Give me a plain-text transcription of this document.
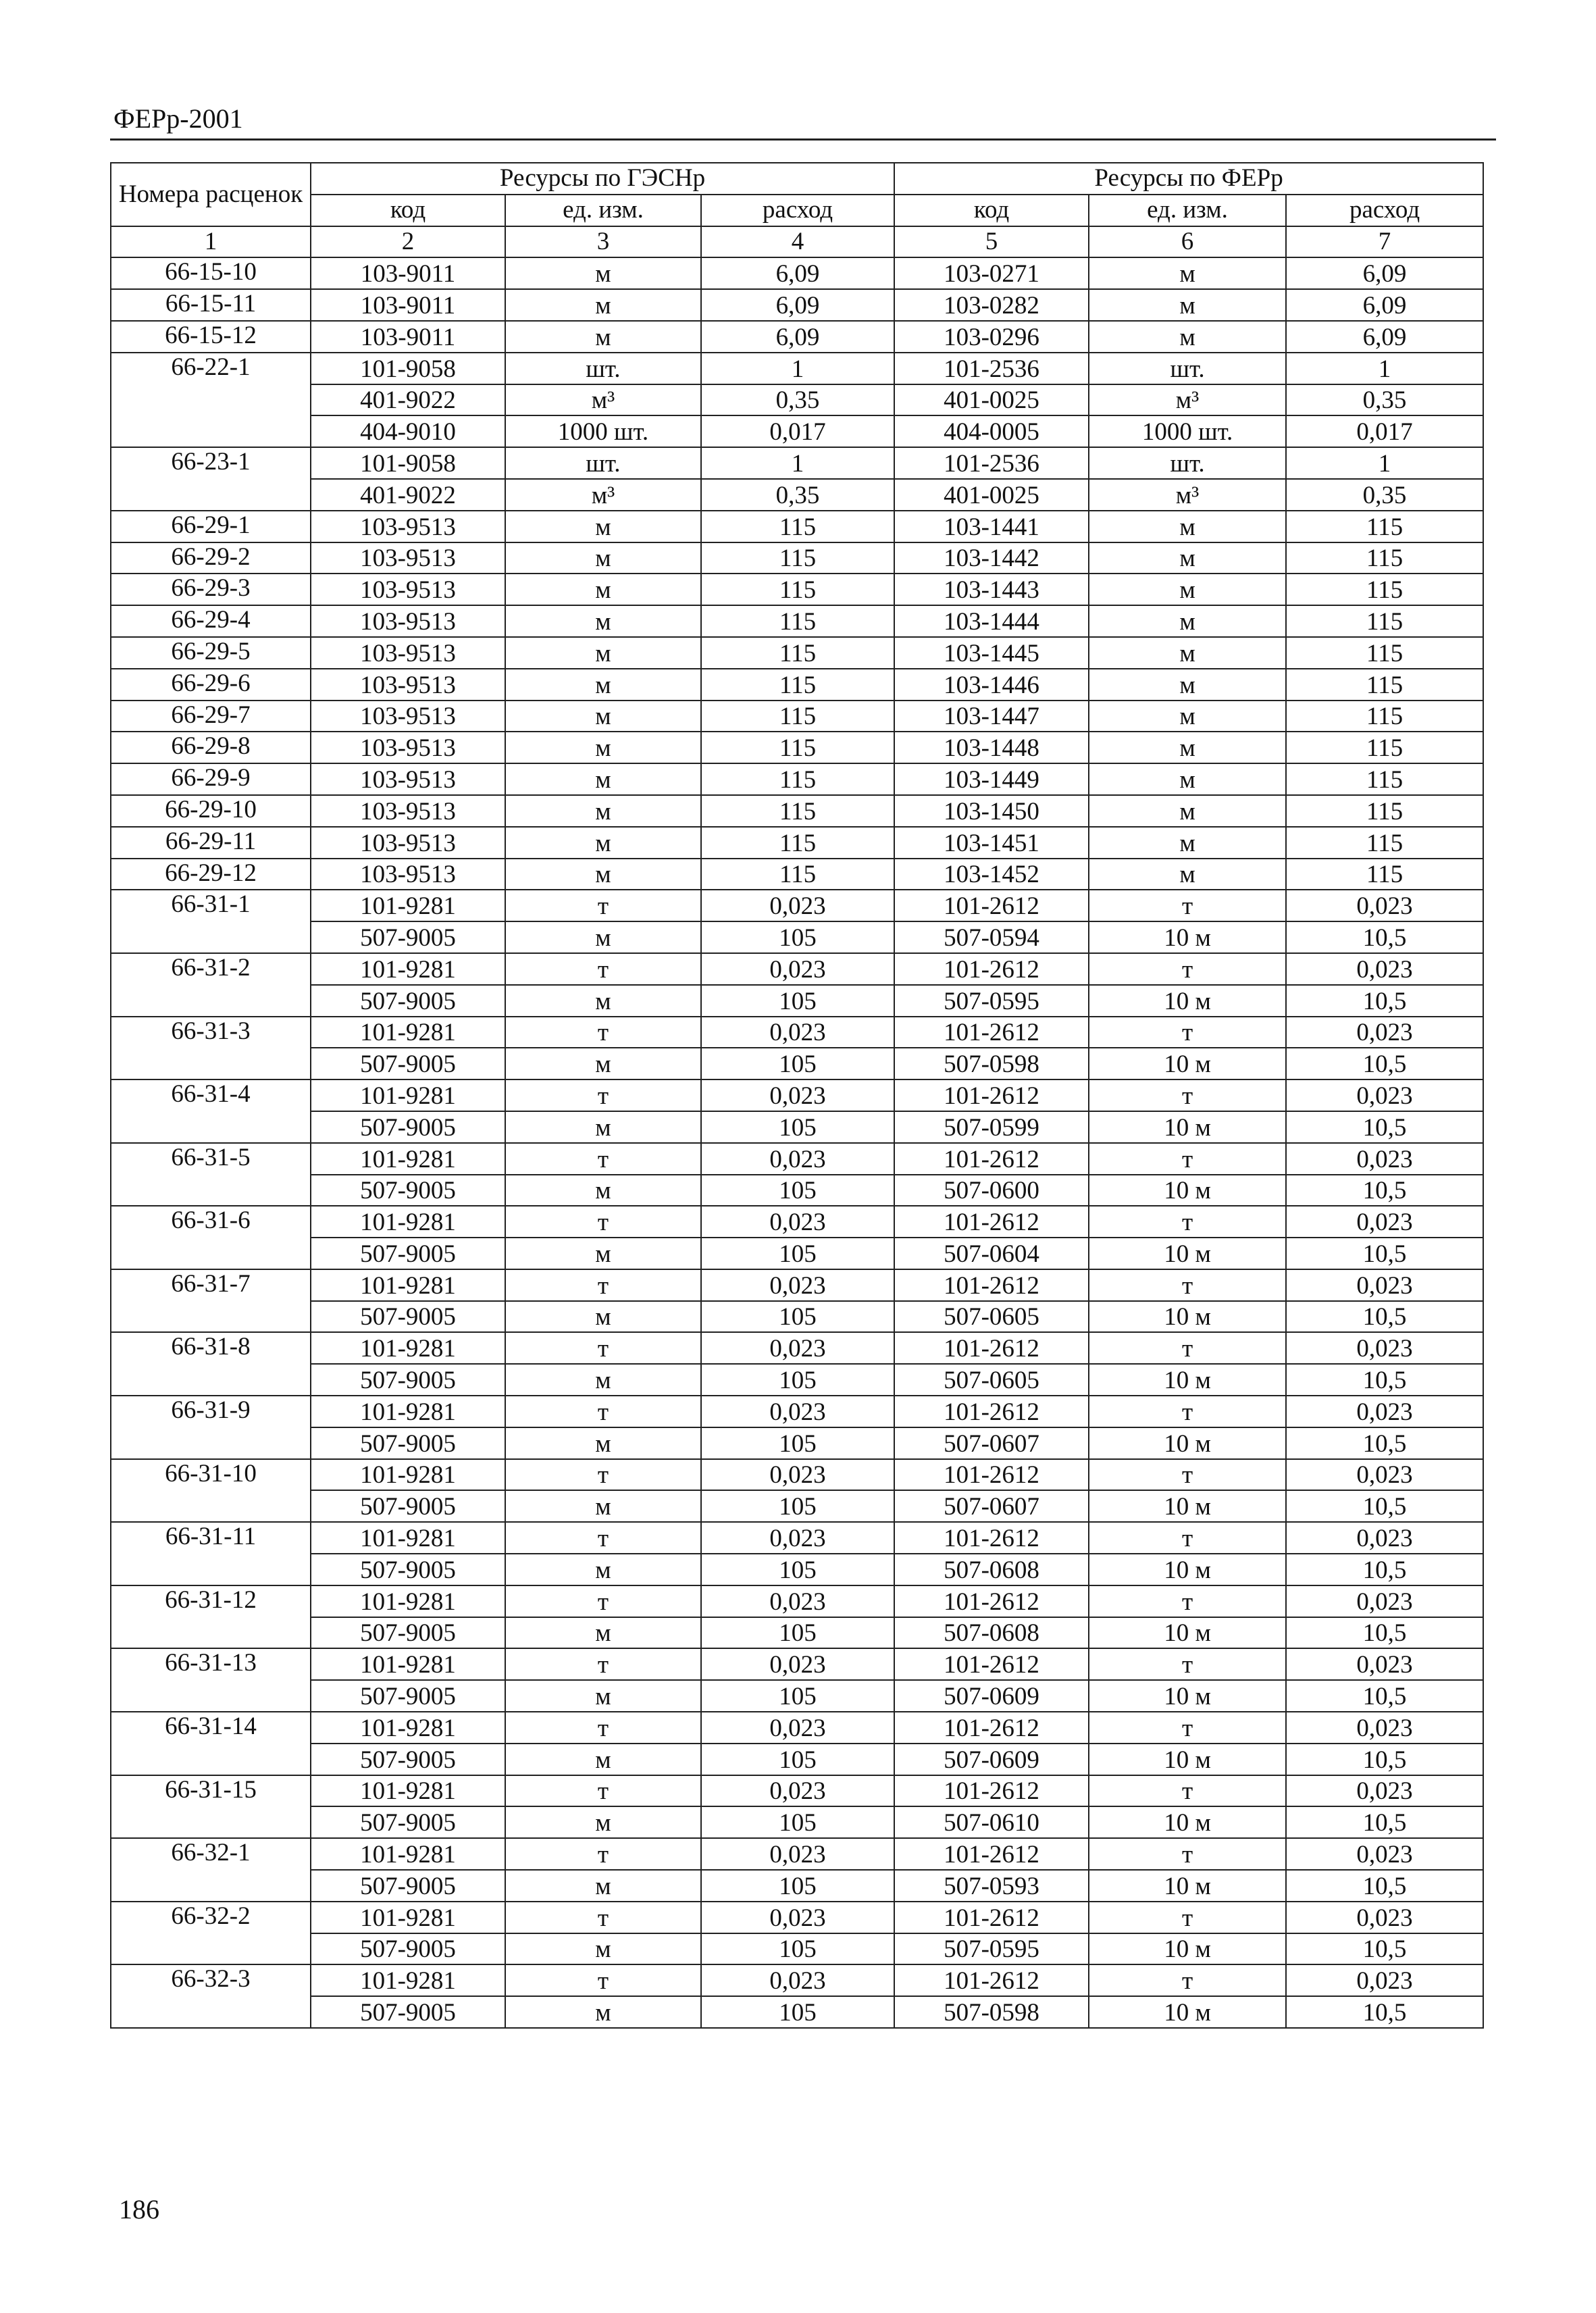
ФЕРр-2001
Номера расценок	Ресурсы по ГЭСНр			Ресурсы по ФЕРр		
	код	ед. изм.	расход	код	ед. изм.	расход
1	2	3	4	5	6	7
66-15-10	103-9011	м	6,09	103-0271	м	6,09
66-15-11	103-9011	м	6,09	103-0282	м	6,09
66-15-12	103-9011	м	6,09	103-0296	м	6,09
66-22-1	101-9058	шт.	1	101-2536	шт.	1
	401-9022	м³	0,35	401-0025	м³	0,35
	404-9010	1000 шт.	0,017	404-0005	1000 шт.	0,017
66-23-1	101-9058	шт.	1	101-2536	шт.	1
	401-9022	м³	0,35	401-0025	м³	0,35
66-29-1	103-9513	м	115	103-1441	м	115
66-29-2	103-9513	м	115	103-1442	м	115
66-29-3	103-9513	м	115	103-1443	м	115
66-29-4	103-9513	м	115	103-1444	м	115
66-29-5	103-9513	м	115	103-1445	м	115
66-29-6	103-9513	м	115	103-1446	м	115
66-29-7	103-9513	м	115	103-1447	м	115
66-29-8	103-9513	м	115	103-1448	м	115
66-29-9	103-9513	м	115	103-1449	м	115
66-29-10	103-9513	м	115	103-1450	м	115
66-29-11	103-9513	м	115	103-1451	м	115
66-29-12	103-9513	м	115	103-1452	м	115
66-31-1	101-9281	т	0,023	101-2612	т	0,023
	507-9005	м	105	507-0594	10 м	10,5
66-31-2	101-9281	т	0,023	101-2612	т	0,023
	507-9005	м	105	507-0595	10 м	10,5
66-31-3	101-9281	т	0,023	101-2612	т	0,023
	507-9005	м	105	507-0598	10 м	10,5
66-31-4	101-9281	т	0,023	101-2612	т	0,023
	507-9005	м	105	507-0599	10 м	10,5
66-31-5	101-9281	т	0,023	101-2612	т	0,023
	507-9005	м	105	507-0600	10 м	10,5
66-31-6	101-9281	т	0,023	101-2612	т	0,023
	507-9005	м	105	507-0604	10 м	10,5
66-31-7	101-9281	т	0,023	101-2612	т	0,023
	507-9005	м	105	507-0605	10 м	10,5
66-31-8	101-9281	т	0,023	101-2612	т	0,023
	507-9005	м	105	507-0605	10 м	10,5
66-31-9	101-9281	т	0,023	101-2612	т	0,023
	507-9005	м	105	507-0607	10 м	10,5
66-31-10	101-9281	т	0,023	101-2612	т	0,023
	507-9005	м	105	507-0607	10 м	10,5
66-31-11	101-9281	т	0,023	101-2612	т	0,023
	507-9005	м	105	507-0608	10 м	10,5
66-31-12	101-9281	т	0,023	101-2612	т	0,023
	507-9005	м	105	507-0608	10 м	10,5
66-31-13	101-9281	т	0,023	101-2612	т	0,023
	507-9005	м	105	507-0609	10 м	10,5
66-31-14	101-9281	т	0,023	101-2612	т	0,023
	507-9005	м	105	507-0609	10 м	10,5
66-31-15	101-9281	т	0,023	101-2612	т	0,023
	507-9005	м	105	507-0610	10 м	10,5
66-32-1	101-9281	т	0,023	101-2612	т	0,023
	507-9005	м	105	507-0593	10 м	10,5
66-32-2	101-9281	т	0,023	101-2612	т	0,023
	507-9005	м	105	507-0595	10 м	10,5
66-32-3	101-9281	т	0,023	101-2612	т	0,023
	507-9005	м	105	507-0598	10 м	10,5
186
